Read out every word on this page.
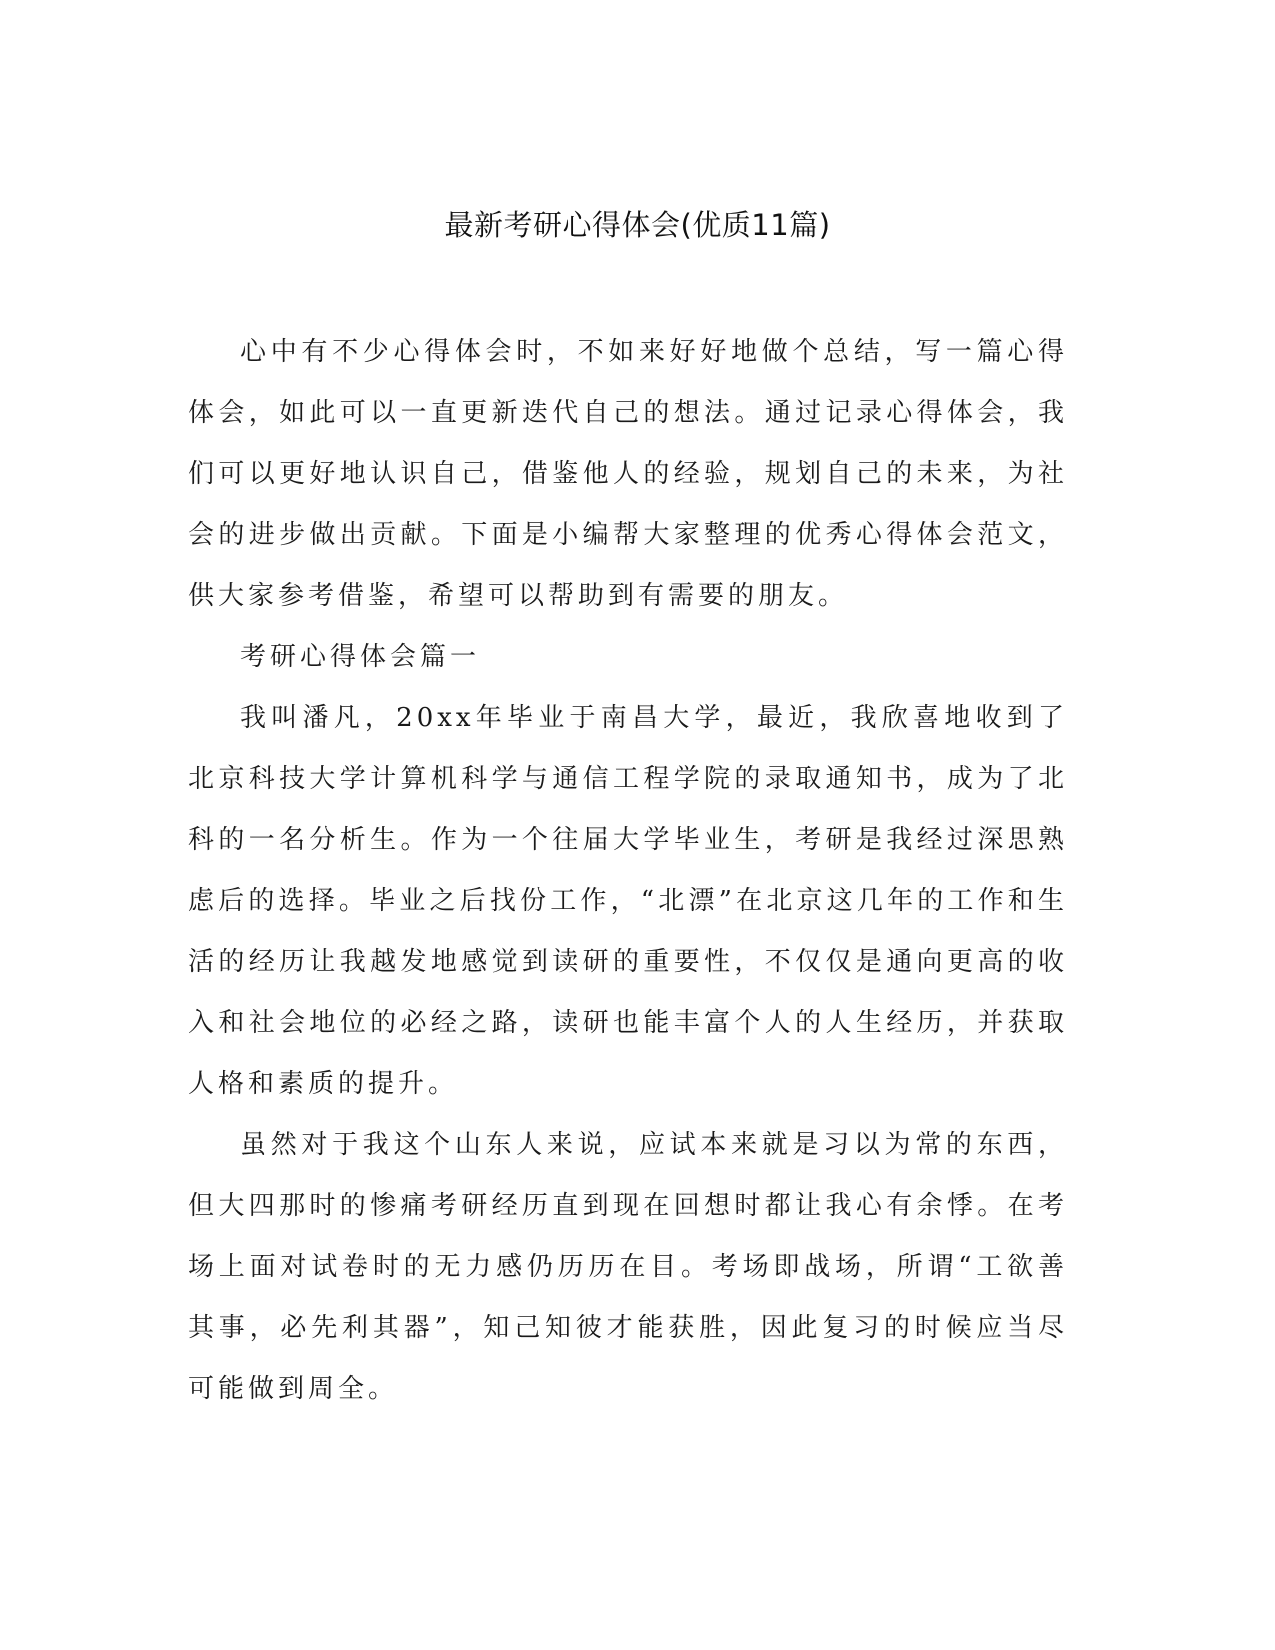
最新考研心得体会(优质11篇)

心中有不少心得体会时，不如来好好地做个总结，写一篇心得体会，如此可以一直更新迭代自己的想法。通过记录心得体会，我们可以更好地认识自己，借鉴他人的经验，规划自己的未来，为社会的进步做出贡献。下面是小编帮大家整理的优秀心得体会范文，供大家参考借鉴，希望可以帮助到有需要的朋友。

考研心得体会篇一

我叫潘凡，20xx年毕业于南昌大学，最近，我欣喜地收到了北京科技大学计算机科学与通信工程学院的录取通知书，成为了北科的一名分析生。作为一个往届大学毕业生，考研是我经过深思熟虑后的选择。毕业之后找份工作，“北漂”在北京这几年的工作和生活的经历让我越发地感觉到读研的重要性，不仅仅是通向更高的收入和社会地位的必经之路，读研也能丰富个人的人生经历，并获取人格和素质的提升。

虽然对于我这个山东人来说，应试本来就是习以为常的东西，但大四那时的惨痛考研经历直到现在回想时都让我心有余悸。在考场上面对试卷时的无力感仍历历在目。考场即战场，所谓“工欲善其事，必先利其器”，知己知彼才能获胜，因此复习的时候应当尽可能做到周全。
